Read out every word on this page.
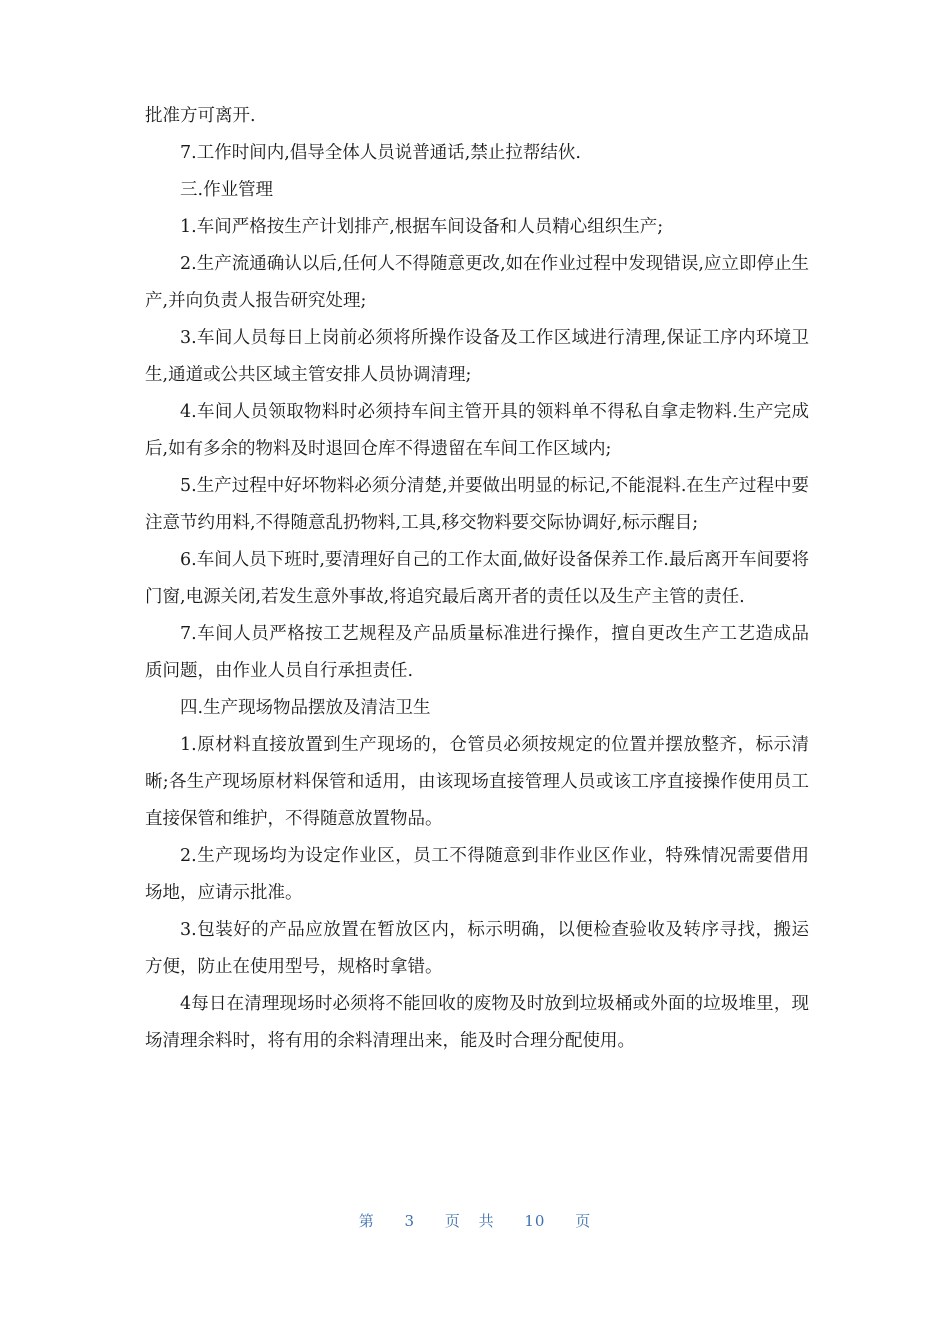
批准方可离开.

7.工作时间内,倡导全体人员说普通话,禁止拉帮结伙.

三.作业管理

1.车间严格按生产计划排产,根据车间设备和人员精心组织生产;

2.生产流通确认以后,任何人不得随意更改,如在作业过程中发现错误,应立即停止生产,并向负责人报告研究处理;

3.车间人员每日上岗前必须将所操作设备及工作区域进行清理,保证工序内环境卫生,通道或公共区域主管安排人员协调清理;

4.车间人员领取物料时必须持车间主管开具的领料单不得私自拿走物料.生产完成后,如有多余的物料及时退回仓库不得遗留在车间工作区域内;

5.生产过程中好坏物料必须分清楚,并要做出明显的标记,不能混料.在生产过程中要注意节约用料,不得随意乱扔物料,工具,移交物料要交际协调好,标示醒目;

6.车间人员下班时,要清理好自己的工作太面,做好设备保养工作.最后离开车间要将门窗,电源关闭,若发生意外事故,将追究最后离开者的责任以及生产主管的责任.

7.车间人员严格按工艺规程及产品质量标准进行操作，擅自更改生产工艺造成品质问题，由作业人员自行承担责任.

四.生产现场物品摆放及清洁卫生

1.原材料直接放置到生产现场的，仓管员必须按规定的位置并摆放整齐，标示清晰;各生产现场原材料保管和适用，由该现场直接管理人员或该工序直接操作使用员工直接保管和维护，不得随意放置物品。

2.生产现场均为设定作业区，员工不得随意到非作业区作业，特殊情况需要借用场地，应请示批准。

3.包装好的产品应放置在暂放区内，标示明确，以便检查验收及转序寻找，搬运方便，防止在使用型号，规格时拿错。

4每日在清理现场时必须将不能回收的废物及时放到垃圾桶或外面的垃圾堆里，现场清理余料时，将有用的余料清理出来，能及时合理分配使用。

第 3 页 共 10 页
